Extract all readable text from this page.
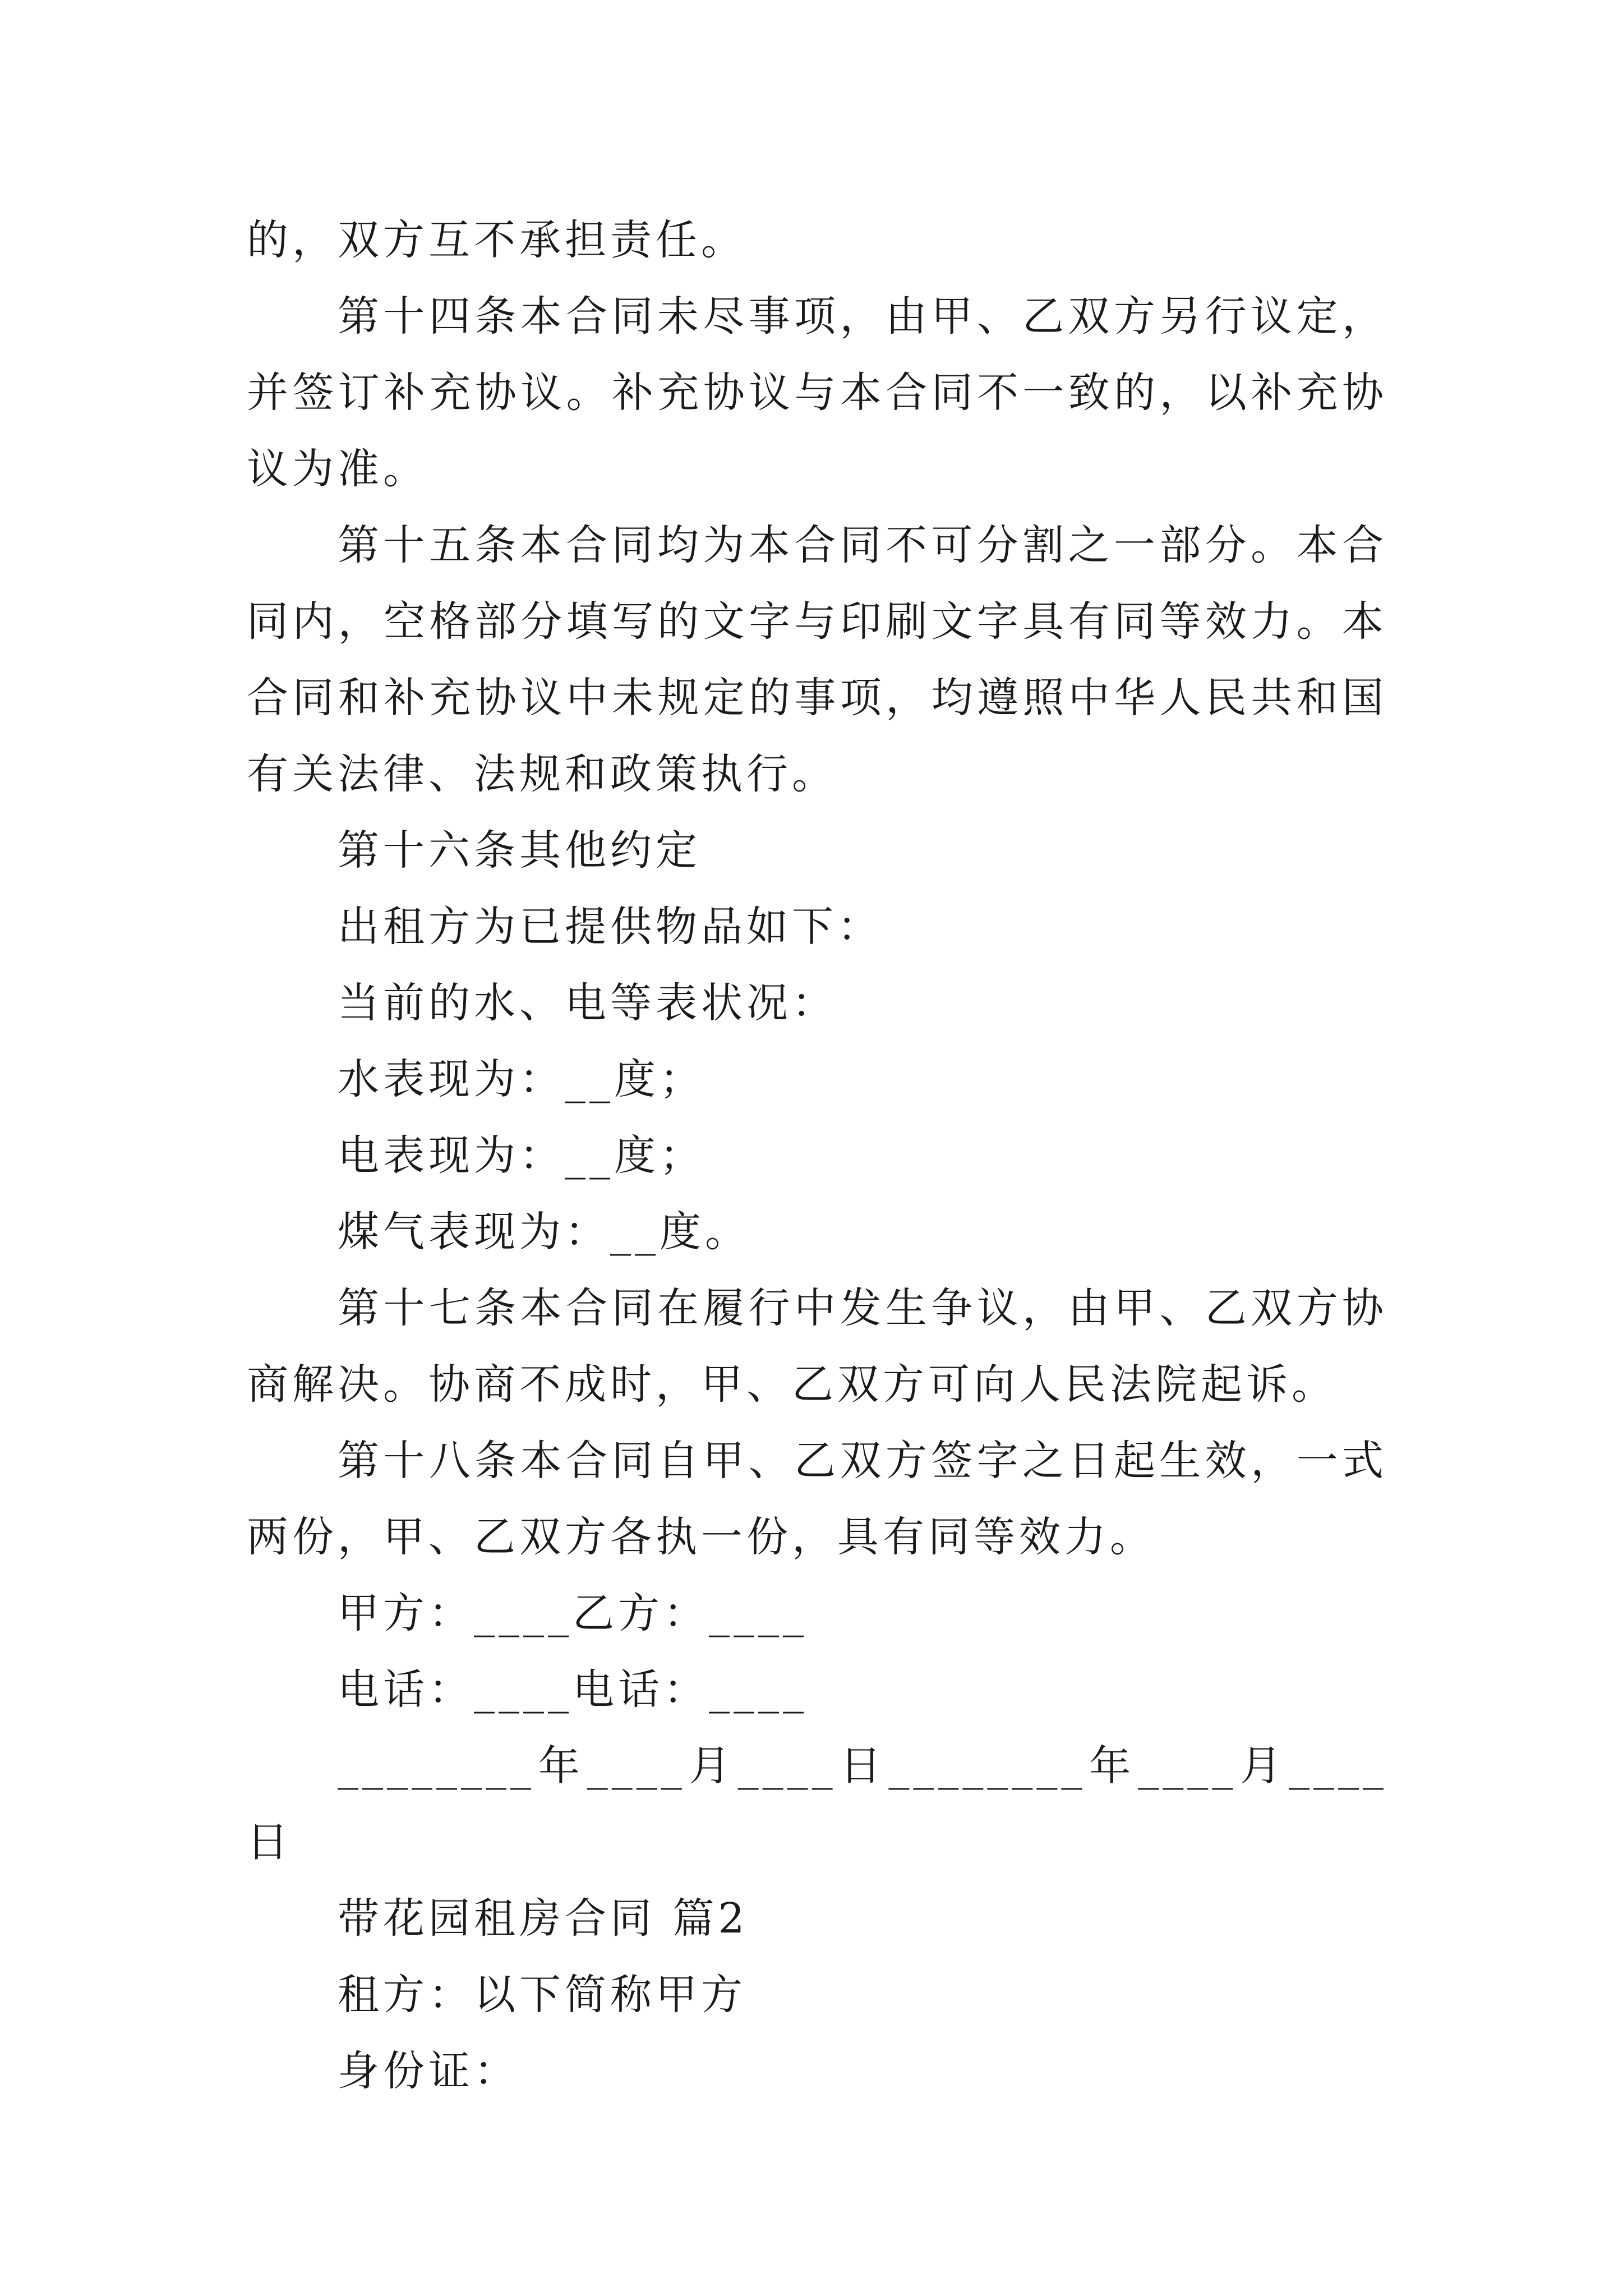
的，双方互不承担责任。

第十四条本合同未尽事项，由甲、乙双方另行议定，并签订补充协议。补充协议与本合同不一致的，以补充协议为准。

第十五条本合同均为本合同不可分割之一部分。本合同内，空格部分填写的文字与印刷文字具有同等效力。本合同和补充协议中未规定的事项，均遵照中华人民共和国有关法律、法规和政策执行。

第十六条其他约定

出租方为已提供物品如下：

当前的水、电等表状况：

水表现为：__度；

电表现为：__度；

煤气表现为：__度。

第十七条本合同在履行中发生争议，由甲、乙双方协商解决。协商不成时，甲、乙双方可向人民法院起诉。

第十八条本合同自甲、乙双方签字之日起生效，一式两份，甲、乙双方各执一份，具有同等效力。

甲方：____乙方：____

电话：____电话：____

________年____月____日________年____月____日

带花园租房合同 篇2

租方：以下简称甲方

身份证：
